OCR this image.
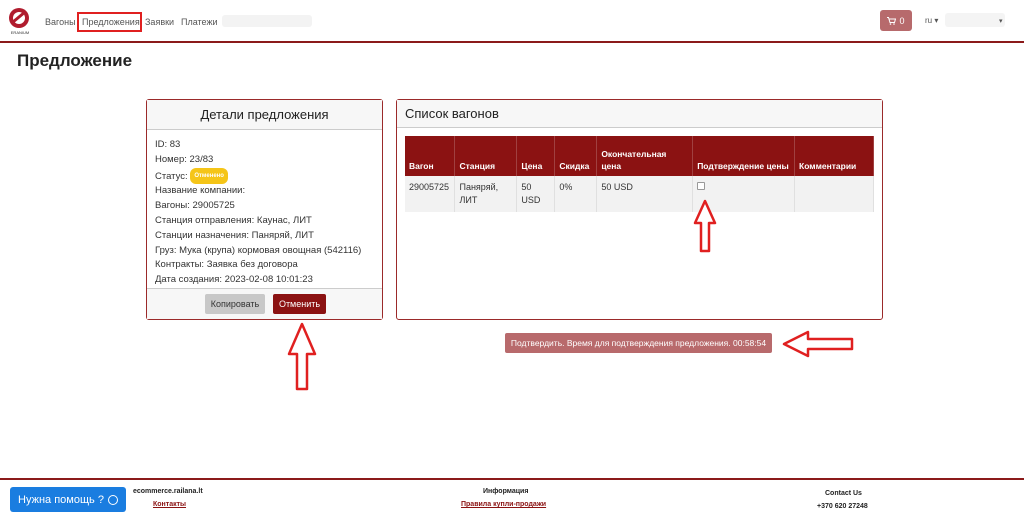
ERANIUM
Вагоны Предложения Заявки Платежи	0	ru ▾	▾
Предложение
Детали предложения
ID: 83
Номер: 23/83
Статус: Отменено
Название компании:
Вагоны: 29005725
Станция отправления: Каунас, ЛИТ
Станции назначения: Паняряй, ЛИТ
Груз: Мука (крупа) кормовая овощная (542116)
Контракты: Заявка без договора
Дата создания: 2023-02-08 10:01:23
Копировать	Отменить
Список вагонов
Вагон	Станция	Цена	Скидка	Окончательная цена	Подтверждение цены	Комментарии
29005725	Паняряй, ЛИТ	50 USD	0%	50 USD		
Подтвердить. Время для подтверждения предложения. 00:58:54
Нужна помощь ?
ecommerce.railana.lt
Контакты
Информация
Правила купли-продажи
Contact Us
+370 620 27248
